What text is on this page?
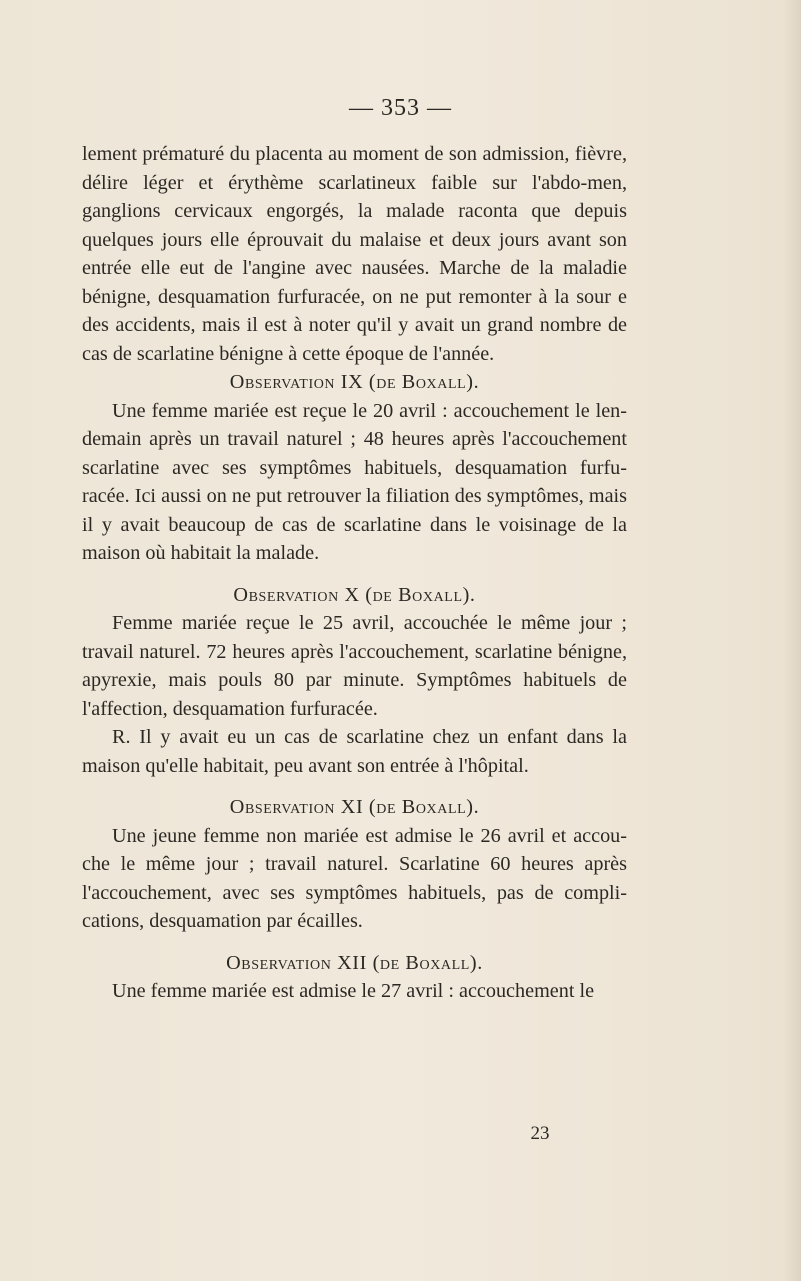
— 353 —

lement prématuré du placenta au moment de son admission, fièvre, délire léger et érythème scarlatineux faible sur l'abdo-men, ganglions cervicaux engorgés, la malade raconta que depuis quelques jours elle éprouvait du malaise et deux jours avant son entrée elle eut de l'angine avec nausées. Marche de la maladie bénigne, desquamation furfuracée, on ne put remonter à la sour e des accidents, mais il est à noter qu'il y avait un grand nombre de cas de scarlatine bénigne à cette époque de l'année.

Observation IX (de Boxall).

Une femme mariée est reçue le 20 avril : accouchement le len-demain après un travail naturel ; 48 heures après l'accouchement scarlatine avec ses symptômes habituels, desquamation furfu-racée. Ici aussi on ne put retrouver la filiation des symptômes, mais il y avait beaucoup de cas de scarlatine dans le voisinage de la maison où habitait la malade.

Observation X (de Boxall).

Femme mariée reçue le 25 avril, accouchée le même jour ; travail naturel. 72 heures après l'accouchement, scarlatine bénigne, apyrexie, mais pouls 80 par minute. Symptômes habituels de l'affection, desquamation furfuracée.

R. Il y avait eu un cas de scarlatine chez un enfant dans la maison qu'elle habitait, peu avant son entrée à l'hôpital.

Observation XI (de Boxall).

Une jeune femme non mariée est admise le 26 avril et accou-che le même jour ; travail naturel. Scarlatine 60 heures après l'accouchement, avec ses symptômes habituels, pas de compli-cations, desquamation par écailles.

Observation XII (de Boxall).

Une femme mariée est admise le 27 avril : accouchement le

23
